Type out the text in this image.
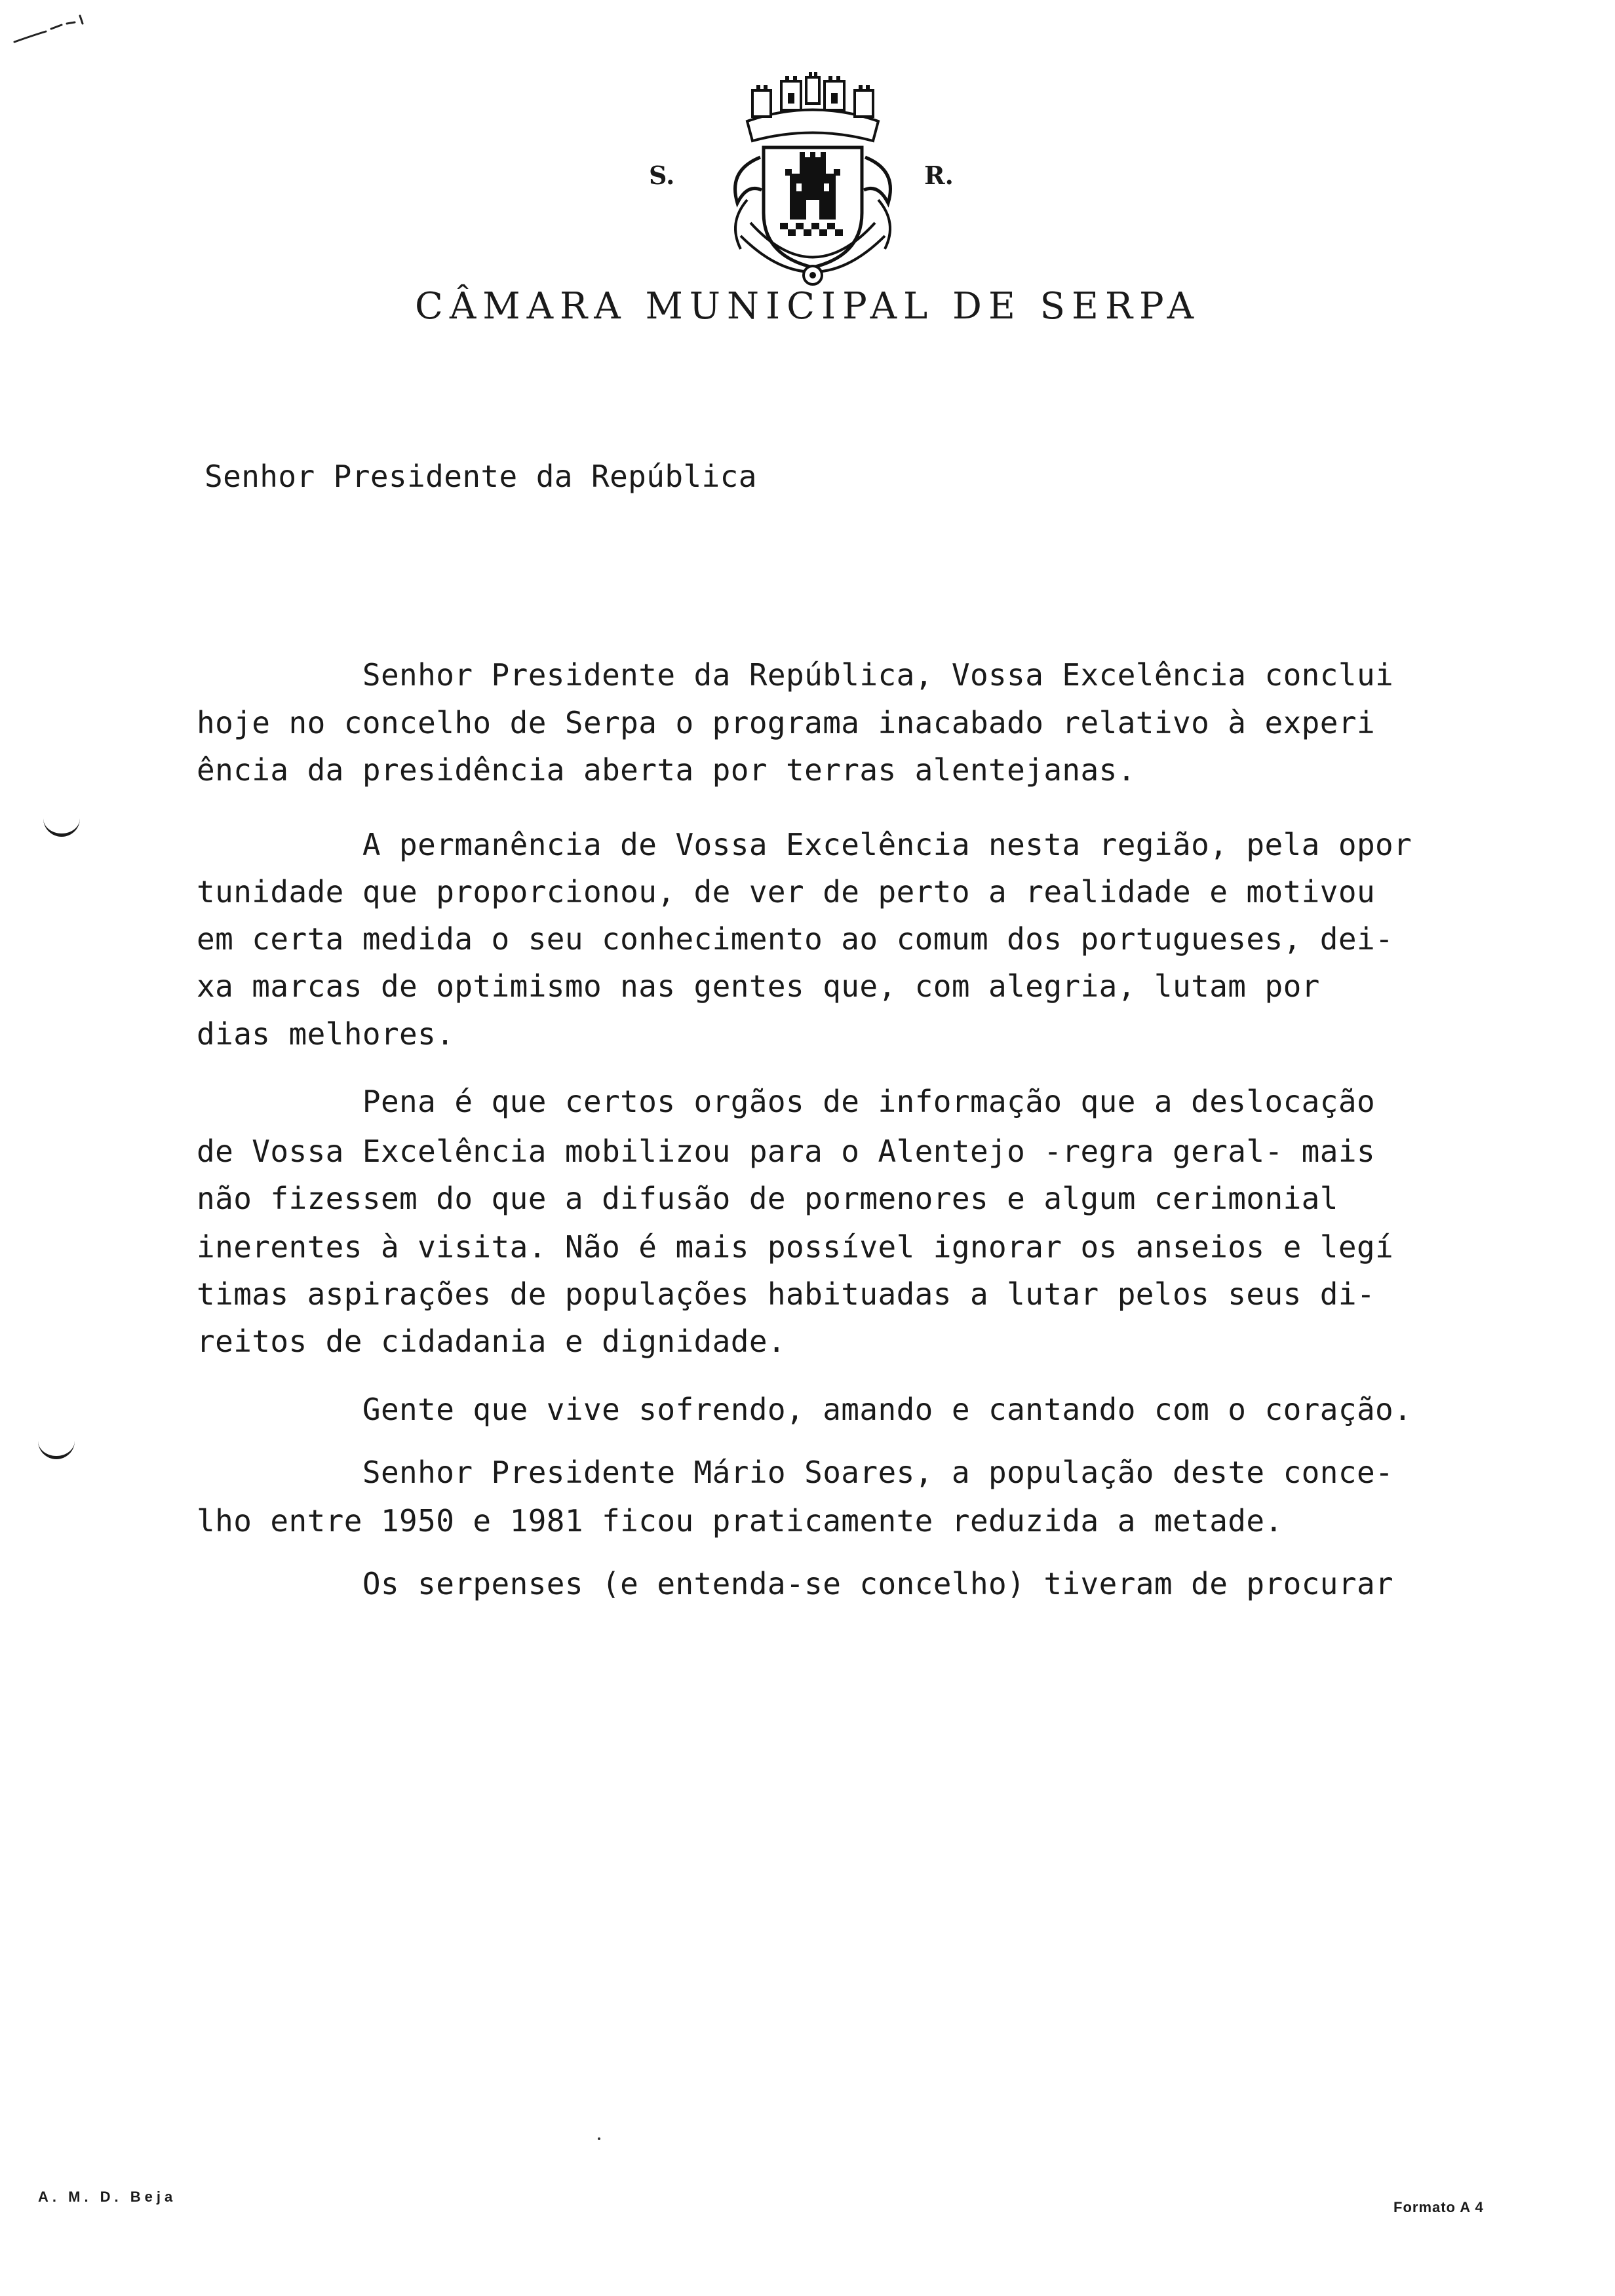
S.	R.
CÂMARA MUNICIPAL DE SERPA
Senhor Presidente da República
Senhor Presidente da República, Vossa Excelência conclui
hoje no concelho de Serpa o programa inacabado relativo à experi
ência da presidência aberta por terras alentejanas.
A permanência de Vossa Excelência nesta região, pela opor
tunidade que proporcionou, de ver de perto a realidade e motivou
em certa medida o seu conhecimento ao comum dos portugueses, dei-
xa marcas de optimismo nas gentes que, com alegria, lutam por
dias melhores.
Pena é que certos orgãos de informação que a deslocação
de Vossa Excelência mobilizou para o Alentejo -regra geral- mais
não fizessem do que a difusão de pormenores e algum cerimonial
inerentes à visita. Não é mais possível ignorar os anseios e legí
timas aspirações de populações habituadas a lutar pelos seus di-
reitos de cidadania e dignidade.
Gente que vive sofrendo, amando e cantando com o coração.
Senhor Presidente Mário Soares, a população deste conce-
lho entre 1950 e 1981 ficou praticamente reduzida a metade.
Os serpenses (e entenda-se concelho) tiveram de procurar
A. M. D. Beja
Formato A 4
